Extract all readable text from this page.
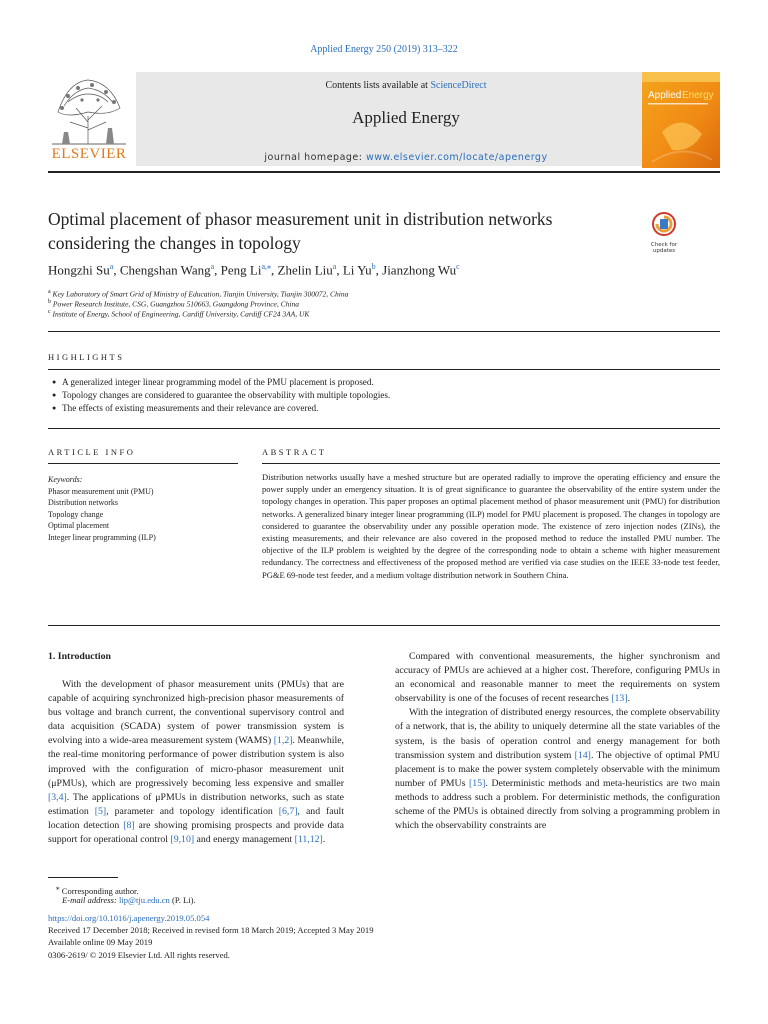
Applied Energy 250 (2019) 313–322
ELSEVIER
Contents lists available at ScienceDirect
Applied Energy
journal homepage: www.elsevier.com/locate/apenergy
Applied Energy
Optimal placement of phasor measurement unit in distribution networks considering the changes in topology	Check for
updates
Hongzhi Su$^a$, Chengshan Wang$^a$, Peng $Li^{a,⁎}$, Zhelin Liu$^a$, Li Yu$^b$, Jianzhong Wu$^c$
$^a$ Key Laboratory of Smart Grid of Ministry of Education, Tianjin University, Tianjin 300072, China
$^b$ Power Research Institute, CSG, Guangzhou 510663, Guangdong Province, China
$^c$ Institute of Energy, School of Engineering, Cardiff University, Cardiff CF24 3AA, UK
HIGHLIGHTS
● A generalized integer linear programming model of the PMU placement is proposed.
● Topology changes are considered to guarantee the observability with multiple topologies.
● The effects of existing measurements and their relevance are covered.
ARTICLE INFO	ABSTRACT
Keywords:
Phasor measurement unit (PMU)
Distribution networks
Topology change
Optimal placement
Integer linear programming (ILP)
Distribution networks usually have a meshed structure but are operated radially to improve the operating efficiency and ensure the power supply under an emergency situation. It is of great significance to guarantee the observability of the entire system under the topology changes in operation. This paper proposes an optimal placement method of phasor measurement unit (PMU) for distribution networks. A generalized binary integer linear programming (ILP) model for PMU placement is proposed. The changes in topology are considered to guarantee the observability under any possible operation mode. The existence of zero injection nodes (ZINs), the existing measurements, and their relevance are also covered in the proposed method to reduce the installed PMU number. The objective of the ILP problem is weighted by the degree of the corresponding node to obtain a scheme with higher measurement redundancy. The correctness and effectiveness of the proposed method are verified via case studies on the IEEE 33-node test feeder, PG&E 69-node test feeder, and a medium voltage distribution network in Southern China.
1. Introduction

With the development of phasor measurement units (PMUs) that are capable of acquiring synchronized high-precision phasor measurements of bus voltage and branch current, the conventional supervisory control and data acquisition (SCADA) system of power transmission system is evolving into a wide-area measurement system (WAMS) [1,2]. Meanwhile, the real-time monitoring performance of power distribution system is also improved with the configuration of micro-phasor measurement unit (μPMUs), which are progressively becoming less expensive and smaller [3,4]. The applications of μPMUs in distribution networks, such as state estimation [5], parameter and topology identification [6,7], and fault location detection [8] are showing promising prospects and provide data support for operational control [9,10] and energy management [11,12].

Compared with conventional measurements, the higher synchronism and accuracy of PMUs are achieved at a higher cost. Therefore, configuring PMUs in an economical and reasonable manner to meet the requirements on system observability is one of the focuses of recent researches [13].

With the integration of distributed energy resources, the complete observability of a network, that is, the ability to uniquely determine all the state variables of the system, is the basis of operation control and energy management for both transmission system and distribution system [14]. The objective of optimal PMU placement is to make the power system completely observable with the minimum number of PMUs [15]. Deterministic methods and meta-heuristics are two main methods to address such a problem. For deterministic methods, the configuration scheme of the PMUs is obtained directly from solving a programming problem in which the observability constraints are

⁎ Corresponding author.
E-mail address: lip@tju.edu.cn (P. Li).
https://doi.org/10.1016/j.apenergy.2019.05.054
Received 17 December 2018; Received in revised form 18 March 2019; Accepted 3 May 2019
Available online 09 May 2019
0306-2619/ © 2019 Elsevier Ltd. All rights reserved.
